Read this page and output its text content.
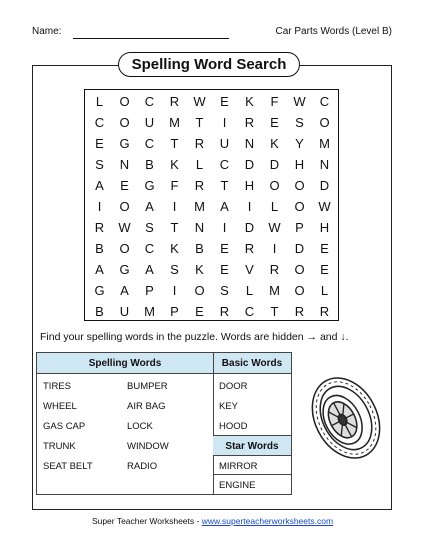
Name:	Car Parts Words (Level B)
Spelling Word Search
L	O	C	R	W	E	K	F	W	C
C	O	U	M	T	I	R	E	S	O
E	G	C	T	R	U	N	K	Y	M
S	N	B	K	L	C	D	D	H	N
A	E	G	F	R	T	H	O	O	D
I	O	A	I	M	A	I	L	O	W
R	W	S	T	N	I	D	W	P	H
B	O	C	K	B	E	R	I	D	E
A	G	A	S	K	E	V	R	O	E
G	A	P	I	O	S	L	M	O	L
B	U	M	P	E	R	C	T	R	R
Find your spelling words in the puzzle. Words are hidden → and ↓.
Spelling Words	Basic Words
TIRES	BUMPER
WHEEL	AIR BAG
GAS CAP	LOCK
TRUNK	WINDOW
SEAT BELT	RADIO
DOOR
KEY
HOOD
Star Words
MIRROR
ENGINE
Super Teacher Worksheets - www.superteacherworksheets.com
